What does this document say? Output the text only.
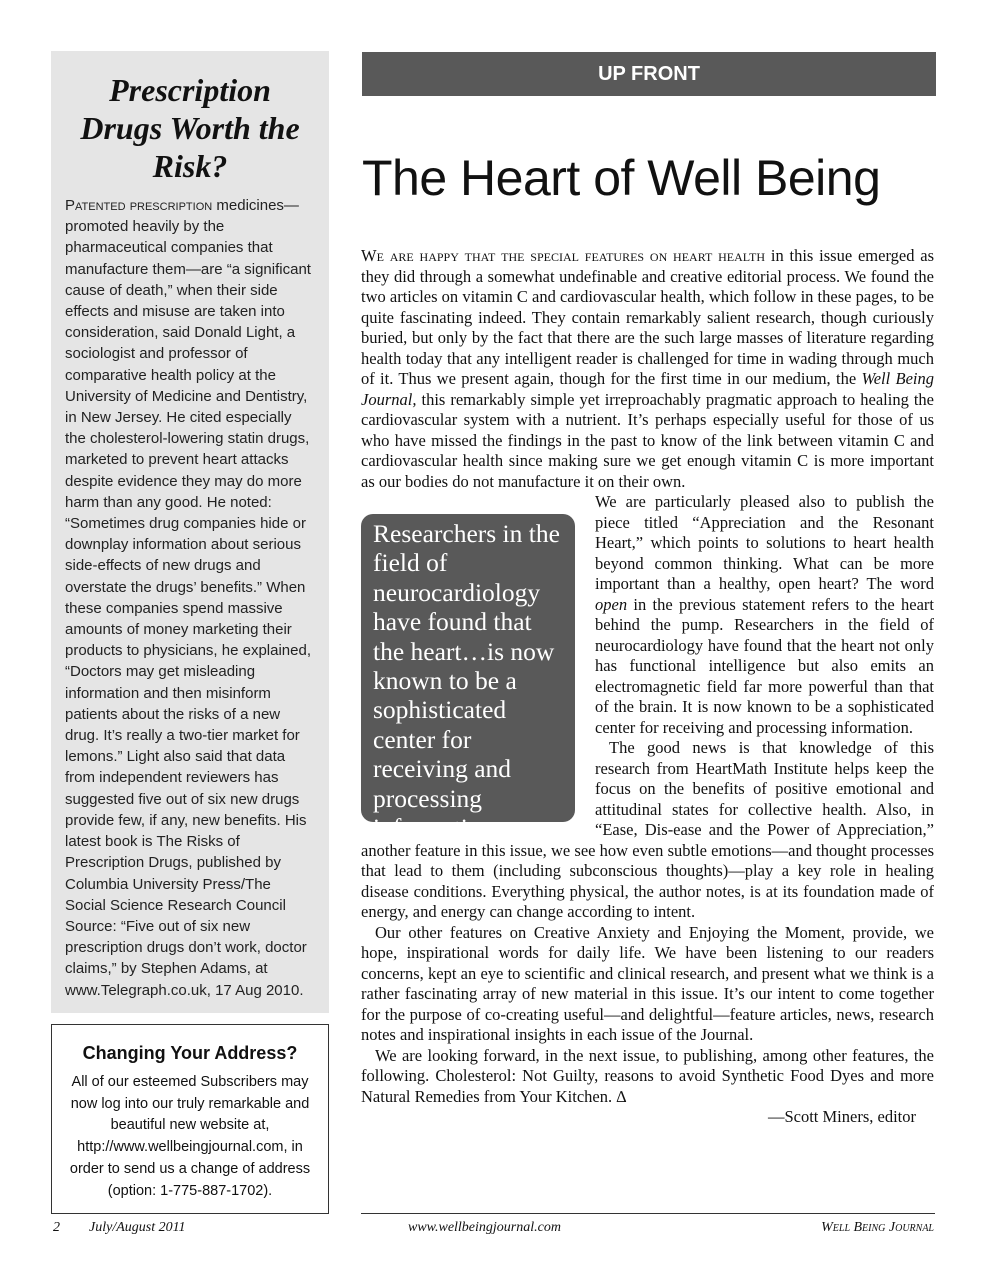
Prescription Drugs Worth the Risk?

Patented prescription medicines—promoted heavily by the pharmaceutical companies that manufacture them—are “a significant cause of death,” when their side effects and misuse are taken into consideration, said Donald Light, a sociologist and professor of comparative health policy at the University of Medicine and Dentistry, in New Jersey. He cited especially the cholesterol-lowering statin drugs, marketed to prevent heart attacks despite evidence they may do more harm than any good. He noted: “Sometimes drug companies hide or downplay information about serious side-effects of new drugs and overstate the drugs’ benefits.” When these companies spend massive amounts of money marketing their products to physicians, he explained, “Doctors may get misleading information and then misinform patients about the risks of a new drug. It’s really a two-tier market for lemons.” Light also said that data from independent reviewers has suggested five out of six new drugs provide few, if any, new benefits. His latest book is The Risks of Prescription Drugs, published by Columbia University Press/The Social Science Research Council Source: “Five out of six new prescription drugs don’t work, doctor claims,” by Stephen Adams, at www.Telegraph.co.uk, 17 Aug 2010.

Changing Your Address?

All of our esteemed Subscribers may now log into our truly remarkable and beautiful new website at, http://www.wellbeingjournal.com, in order to send us a change of address (option: 1-775-887-1702).

UP FRONT
The Heart of Well Being

We are happy that the special features on heart health in this issue emerged as they did through a somewhat undefinable and creative editorial process. We found the two articles on vitamin C and cardiovascular health, which follow in these pages, to be quite fascinating indeed. They contain remarkably salient research, though curiously buried, but only by the fact that there are the such large masses of literature regarding health today that any intelligent reader is challenged for time in wading through much of it. Thus we present again, though for the first time in our medium, the Well Being Journal, this remarkably simple yet irreproachably pragmatic approach to healing the cardiovascular system with a nutrient. It’s perhaps especially useful for those of us who have missed the findings in the past to know of the link between vitamin C and cardiovascular health since making sure we get enough vitamin C is more important as our bodies do not manufacture it on their own.

Researchers in the field of neurocardiology have found that the heart…is now known to be a sophisticated center for receiving and processing information.

We are particularly pleased also to publish the piece titled “Appreciation and the Resonant Heart,” which points to solutions to heart health beyond common thinking. What can be more important than a healthy, open heart? The word open in the previous statement refers to the heart behind the pump. Researchers in the field of neurocardiology have found that the heart not only has functional intelligence but also emits an electromagnetic field far more powerful than that of the brain. It is now known to be a sophisticated center for receiving and processing information.

The good news is that knowledge of this research from HeartMath Institute helps keep the focus on the benefits of positive emotional and attitudinal states for collective health. Also, in “Ease, Dis-ease and the Power of Appreciation,” another feature in this issue, we see how even subtle emotions—and thought processes that lead to them (including subconscious thoughts)—play a key role in healing disease conditions. Everything physical, the author notes, is at its foundation made of energy, and energy can change according to intent.

Our other features on Creative Anxiety and Enjoying the Moment, provide, we hope, inspirational words for daily life. We have been listening to our readers concerns, kept an eye to scientific and clinical research, and present what we think is a rather fascinating array of new material in this issue. It’s our intent to come together for the purpose of co-creating useful—and delightful—feature articles, news, research notes and inspirational insights in each issue of the Journal.

We are looking forward, in the next issue, to publishing, among other features, the following. Cholesterol: Not Guilty, reasons to avoid Synthetic Food Dyes and more Natural Remedies from Your Kitchen. ∆

—Scott Miners, editor
2 July/August 2011	www.wellbeingjournal.com	Well Being Journal
